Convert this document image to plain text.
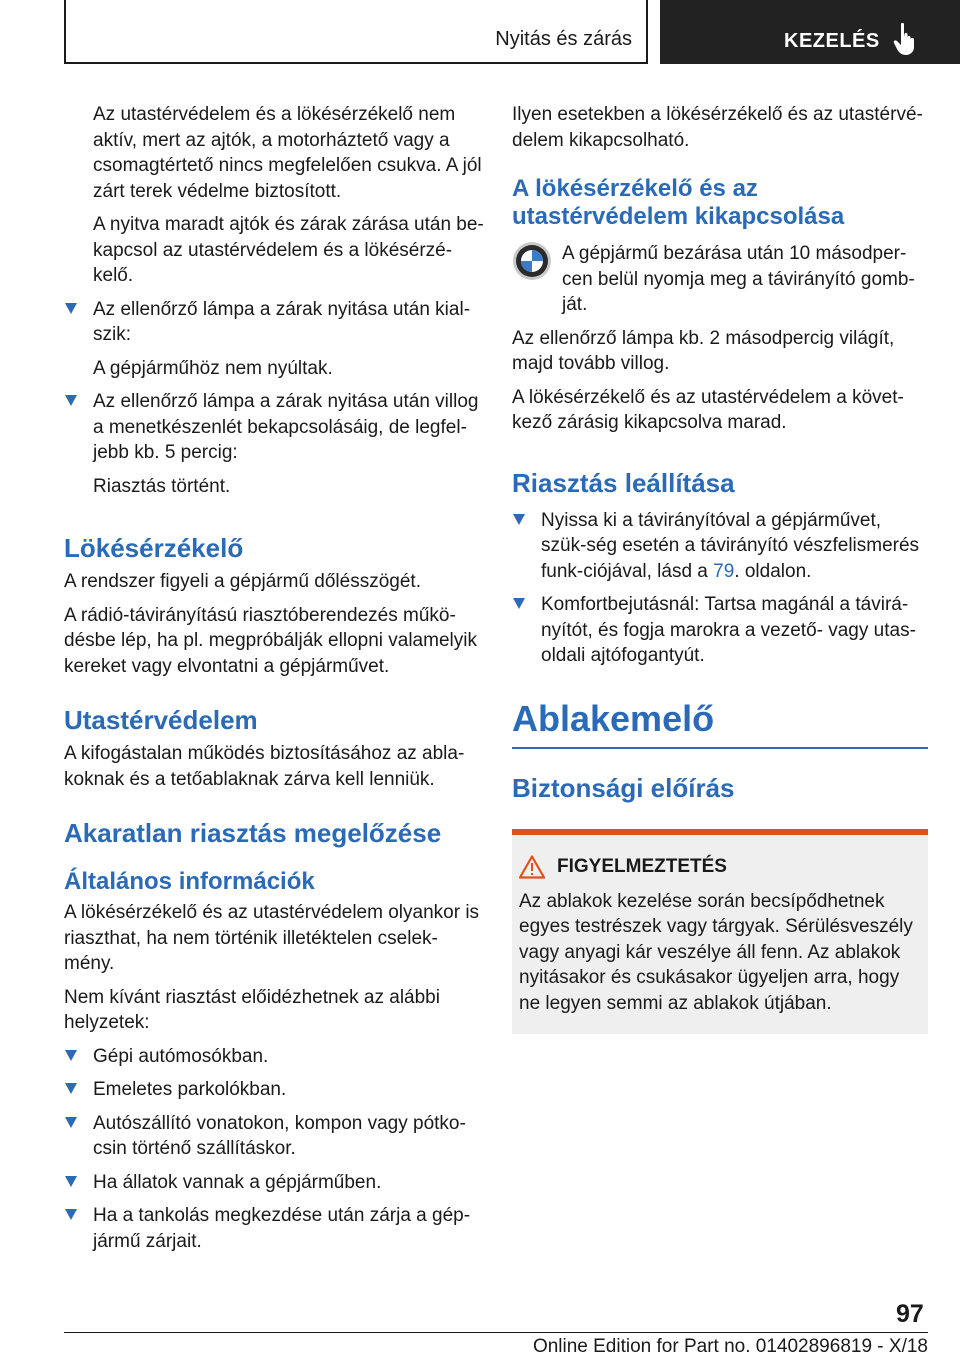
Nyitás és zárás	KEZELÉS

Az utastérvédelem és a lökésérzékelő nem aktív, mert az ajtók, a motorháztető vagy a csomagtértető nincs megfelelően csukva. A jól zárt terek védelme biztosított.

A nyitva maradt ajtók és zárak zárása után be-kapcsol az utastérvédelem és a lökésérzé-kelő.

Az ellenőrző lámpa a zárak nyitása után kial-szik:

A gépjárműhöz nem nyúltak.

Az ellenőrző lámpa a zárak nyitása után villog a menetkészenlét bekapcsolásáig, de legfel-jebb kb. 5 percig:

Riasztás történt.

Lökésérzékelő

A rendszer figyeli a gépjármű dőlésszögét.

A rádió-távirányítású riasztóberendezés műkö-désbe lép, ha pl. megpróbálják ellopni valamelyik kereket vagy elvontatni a gépjárművet.

Utastérvédelem

A kifogástalan működés biztosításához az abla-koknak és a tetőablaknak zárva kell lenniük.

Akaratlan riasztás megelőzése
Általános információk

A lökésérzékelő és az utastérvédelem olyankor is riaszthat, ha nem történik illetéktelen cselek-mény.

Nem kívánt riasztást előidézhetnek az alábbi helyzetek:

Gépi autómosókban.
Emeletes parkolókban.
Autószállító vonatokon, kompon vagy pótko-csin történő szállításkor.
Ha állatok vannak a gépjárműben.
Ha a tankolás megkezdése után zárja a gép-jármű zárjait.

Ilyen esetekben a lökésérzékelő és az utastérvé-delem kikapcsolható.

A lökésérzékelő és az utastérvédelem kikapcsolása
A gépjármű bezárása után 10 másodper-cen belül nyomja meg a távirányító gomb-ját.

Az ellenőrző lámpa kb. 2 másodpercig világít, majd tovább villog.

A lökésérzékelő és az utastérvédelem a követ-kező zárásig kikapcsolva marad.

Riasztás leállítása
Nyissa ki a távirányítóval a gépjárművet, szük-ség esetén a távirányító vészfelismerés funk-ciójával, lásd a 79. oldalon.
Komfortbejutásnál: Tartsa magánál a távirá-nyítót, és fogja marokra a vezető- vagy utas-oldali ajtófogantyút.
Ablakemelő
Biztonsági előírás
FIGYELMEZTETÉS

Az ablakok kezelése során becsípődhetnek egyes testrészek vagy tárgyak. Sérülésveszély vagy anyagi kár veszélye áll fenn. Az ablakok nyitásakor és csukásakor ügyeljen arra, hogy ne legyen semmi az ablakok útjában.

97
Online Edition for Part no. 01402896819 - X/18
